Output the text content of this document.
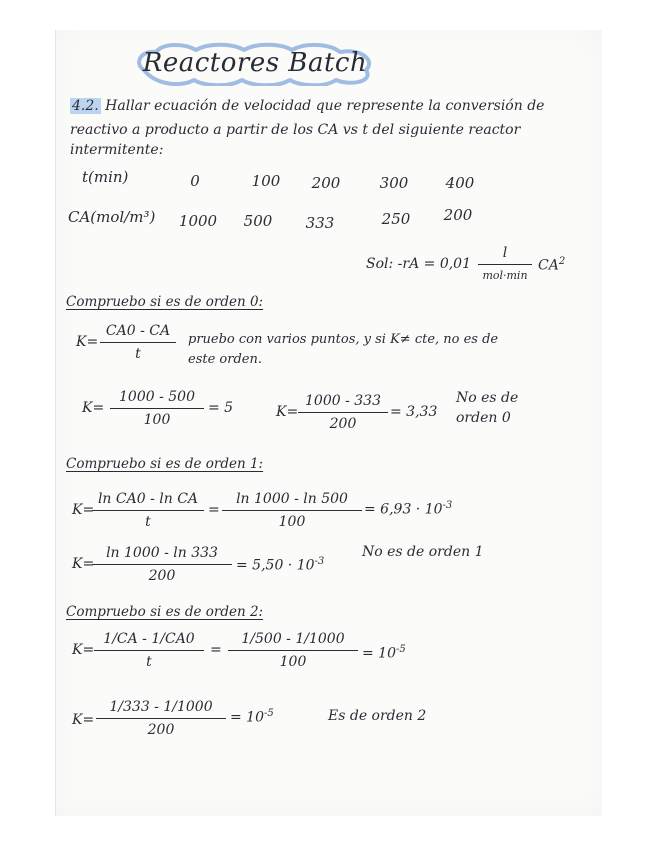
Reactores Batch
4.2. Hallar ecuación de velocidad que represente la conversión de
reactivo a producto a partir de los CA vs t del siguiente reactor
intermitente:
t(min)	0	100	200	300	400
CA(mol/m³)	1000	500	333	250	200
Sol: -rA = 0,01
l
mol·min
$CA^2$
Compruebo si es de orden 0:
K=
CA0 - CA
t
pruebo con varios puntos, y si K≠ cte, no es de
este orden.
K=
1000 - 500
100
= 5	K=
1000 - 333
200
= 3,33
No es de
orden 0
Compruebo si es de orden 1:
K=
ln CA0 - ln CA
t
=
ln 1000 - ln 500
100
= $6,93 \cdot 10^{-3}$
K=
ln 1000 - ln 333
200
= $5,50 \cdot 10^{-3}$
No es de orden 1
Compruebo si es de orden 2:
K=
1/CA - 1/CA0
t
=
1/500 - 1/1000
100
= $10^{-5}$
K=
1/333 - 1/1000
200
= $10^{-5}$	Es de orden 2
